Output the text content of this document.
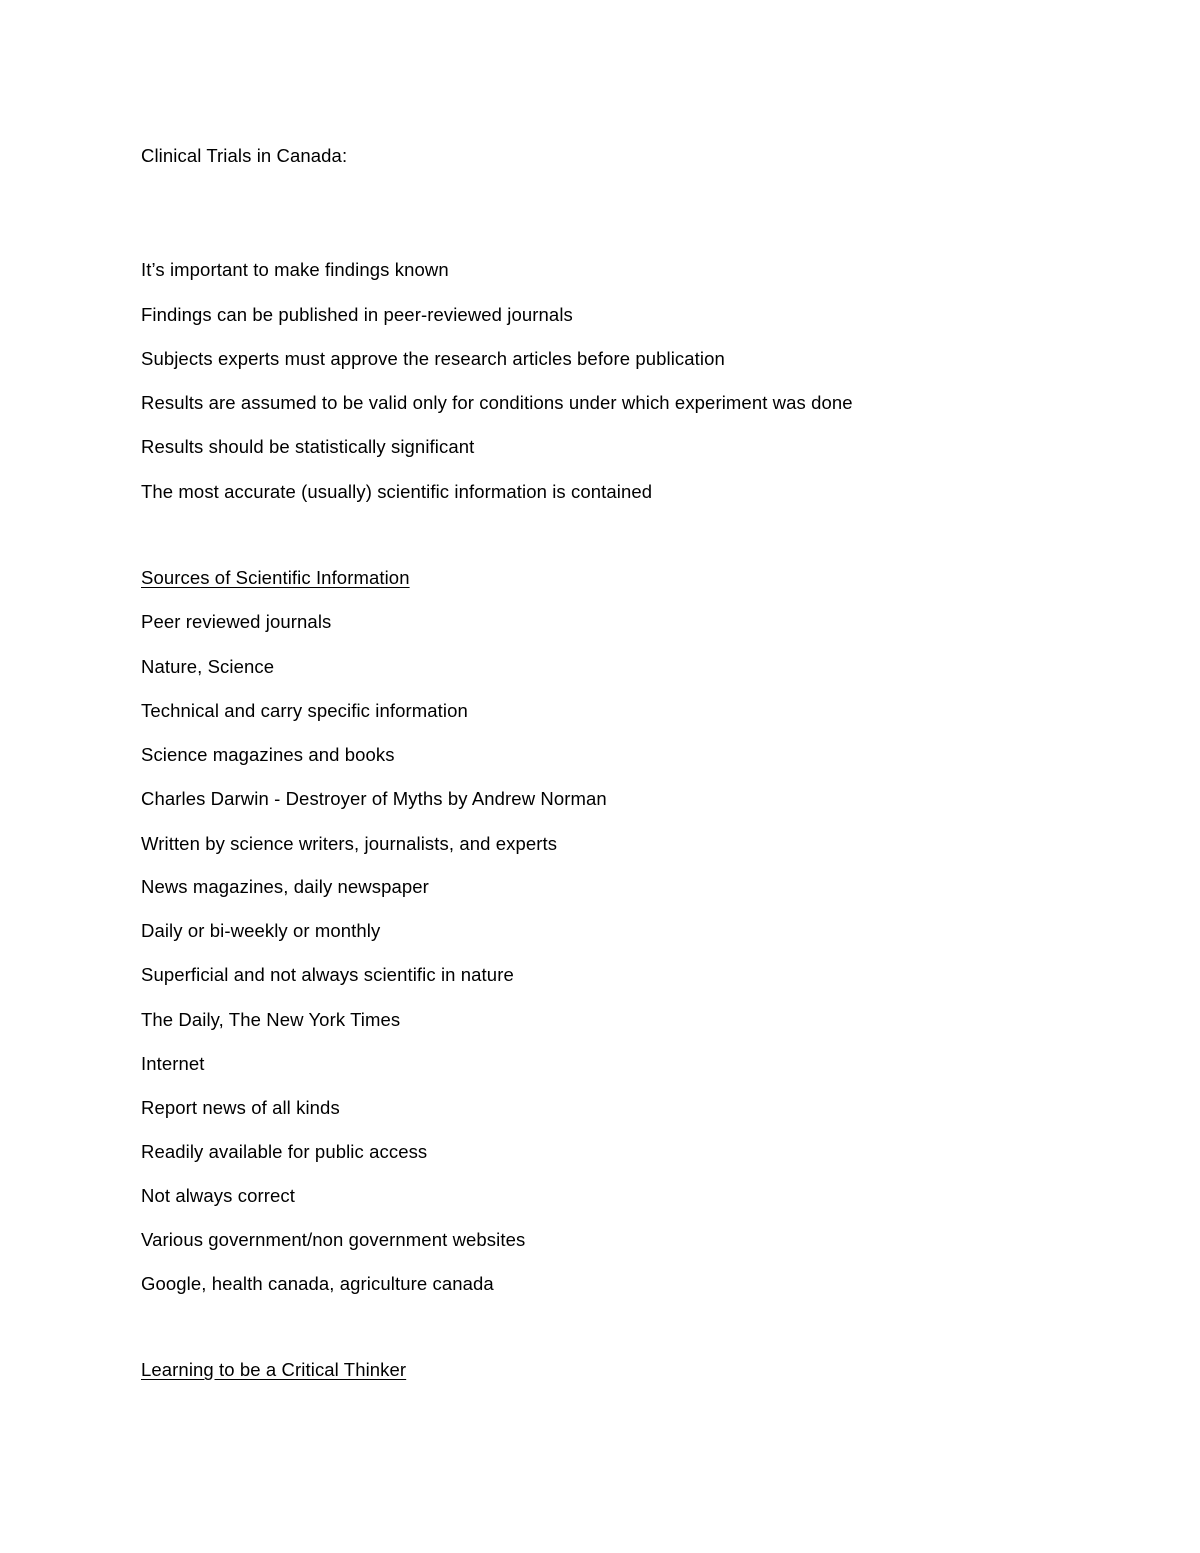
Clinical Trials in Canada:
It’s important to make findings known
Findings can be published in peer-reviewed journals
Subjects experts must approve the research articles before publication
Results are assumed to be valid only for conditions under which experiment was done
Results should be statistically significant
The most accurate (usually) scientific information is contained
Sources of Scientific Information
Peer reviewed journals
Nature, Science
Technical and carry specific information
Science magazines and books
Charles Darwin - Destroyer of Myths by Andrew Norman
Written by science writers, journalists, and experts
News magazines, daily newspaper
Daily or bi-weekly or monthly
Superficial and not always scientific in nature
The Daily, The New York Times
Internet
Report news of all kinds
Readily available for public access
Not always correct
Various government/non government websites
Google, health canada, agriculture canada
Learning to be a Critical Thinker
